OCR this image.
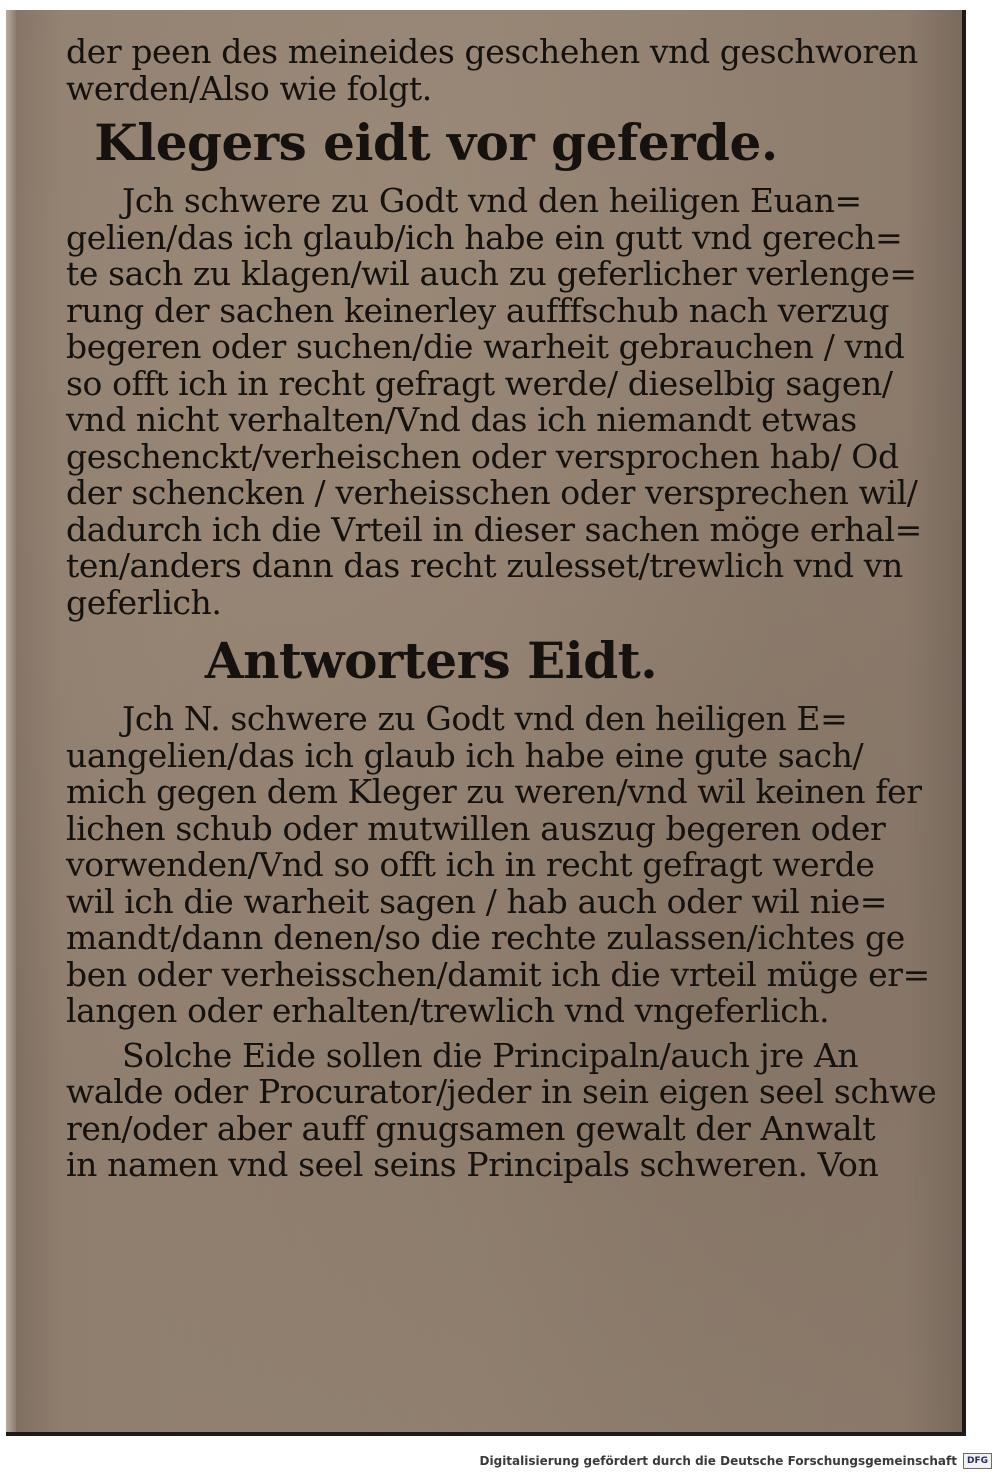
der peen des meineides geschehen vnd geschworen
werden/Also wie folgt.
Klegers eidt vor geferde.
Jch schwere zu Godt vnd den heiligen Euan=
gelien/das ich glaub/ich habe ein gutt vnd gerech=
te sach zu klagen/wil auch zu geferlicher verlenge=
rung der sachen keinerley aufffschub nach verzug
begeren oder suchen/die warheit gebrauchen / vnd
so offt ich in recht gefragt werde/ dieselbig sagen/
vnd nicht verhalten/Vnd das ich niemandt etwas
geschenckt/verheischen oder versprochen hab/ Od
der schencken / verheisschen oder versprechen wil/
dadurch ich die Vrteil in dieser sachen möge erhal=
ten/anders dann das recht zulesset/trewlich vnd vn
geferlich.
Antworters Eidt.
Jch N. schwere zu Godt vnd den heiligen E=
uangelien/das ich glaub ich habe eine gute sach/
mich gegen dem Kleger zu weren/vnd wil keinen fer
lichen schub oder mutwillen auszug begeren oder
vorwenden/Vnd so offt ich in recht gefragt werde
wil ich die warheit sagen / hab auch oder wil nie=
mandt/dann denen/so die rechte zulassen/ichtes ge
ben oder verheisschen/damit ich die vrteil müge er=
langen oder erhalten/trewlich vnd vngeferlich.
Solche Eide sollen die Principaln/auch jre An
walde oder Procurator/jeder in sein eigen seel schwe
ren/oder aber auff gnugsamen gewalt der Anwalt
in namen vnd seel seins Principals schweren. Von
Digitalisierung gefördert durch die Deutsche Forschungsgemeinschaft	DFG
